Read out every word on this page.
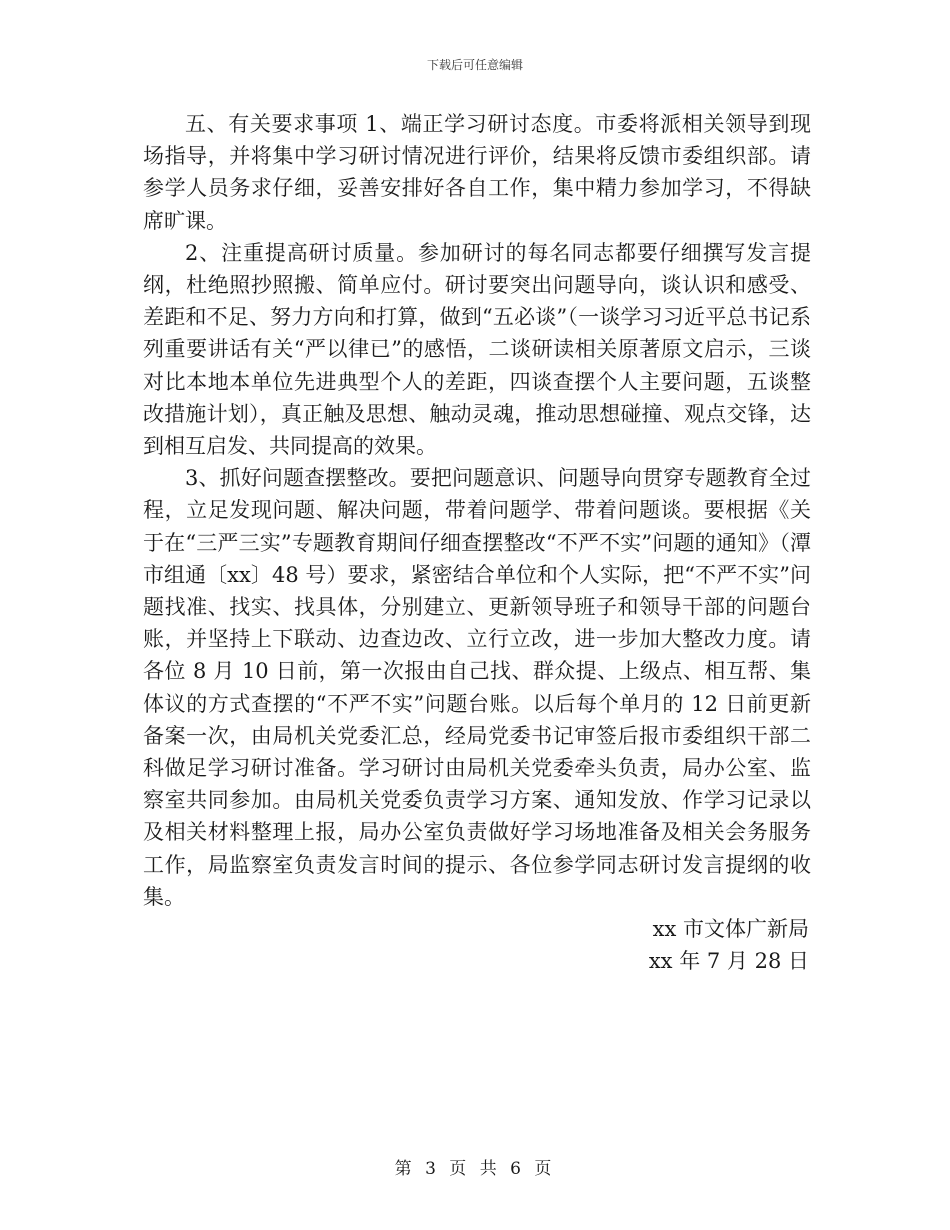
下载后可任意编辑

五、有关要求事项 1、端正学习研讨态度。市委将派相关领导到现场指导，并将集中学习研讨情况进行评价，结果将反馈市委组织部。请参学人员务求仔细，妥善安排好各自工作，集中精力参加学习，不得缺席旷课。

2、注重提高研讨质量。参加研讨的每名同志都要仔细撰写发言提纲，杜绝照抄照搬、简单应付。研讨要突出问题导向，谈认识和感受、差距和不足、努力方向和打算，做到“五必谈”（一谈学习习近平总书记系列重要讲话有关“严以律已”的感悟，二谈研读相关原著原文启示，三谈对比本地本单位先进典型个人的差距，四谈查摆个人主要问题，五谈整改措施计划），真正触及思想、触动灵魂，推动思想碰撞、观点交锋，达到相互启发、共同提高的效果。

3、抓好问题查摆整改。要把问题意识、问题导向贯穿专题教育全过程，立足发现问题、解决问题，带着问题学、带着问题谈。要根据《关于在“三严三实”专题教育期间仔细查摆整改“不严不实”问题的通知》（潭市组通〔xx〕48 号）要求，紧密结合单位和个人实际，把“不严不实”问题找准、找实、找具体，分别建立、更新领导班子和领导干部的问题台账，并坚持上下联动、边查边改、立行立改，进一步加大整改力度。请各位 8 月 10 日前，第一次报由自己找、群众提、上级点、相互帮、集体议的方式查摆的“不严不实”问题台账。以后每个单月的 12 日前更新备案一次，由局机关党委汇总，经局党委书记审签后报市委组织干部二科做足学习研讨准备。学习研讨由局机关党委牵头负责，局办公室、监察室共同参加。由局机关党委负责学习方案、通知发放、作学习记录以及相关材料整理上报，局办公室负责做好学习场地准备及相关会务服务工作，局监察室负责发言时间的提示、各位参学同志研讨发言提纲的收集。

xx 市文体广新局
xx 年 7 月 28 日
第 3 页 共 6 页
